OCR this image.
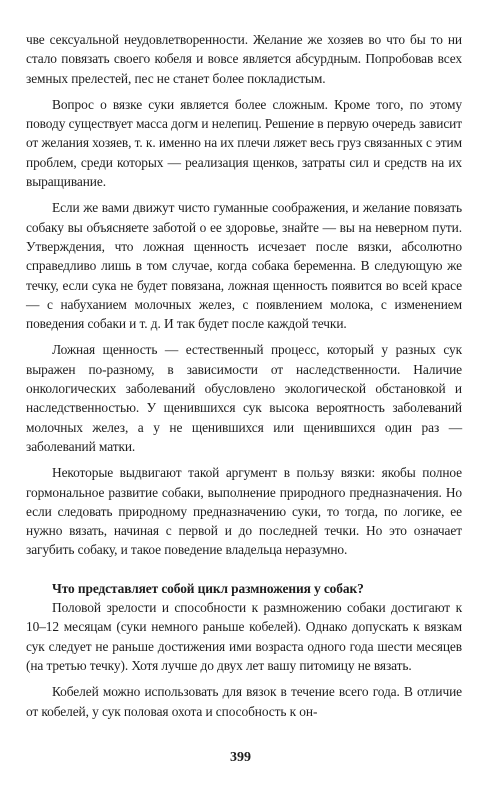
чве сексуальной неудовлетворенности. Желание же хозяев во что бы то ни стало повязать своего кобеля и вовсе является абсурдным. Попробовав всех земных прелестей, пес не станет более покладистым.

Вопрос о вязке суки является более сложным. Кроме того, по этому поводу существует масса догм и нелепиц. Решение в первую очередь зависит от желания хозяев, т. к. именно на их плечи ляжет весь груз связанных с этим проблем, среди которых — реализация щенков, затраты сил и средств на их выращивание.

Если же вами движут чисто гуманные соображения, и желание повязать собаку вы объясняете заботой о ее здоровье, знайте — вы на неверном пути. Утверждения, что ложная щенность исчезает после вязки, абсолютно справедливо лишь в том случае, когда собака беременна. В следующую же течку, если сука не будет повязана, ложная щенность появится во всей красе — с набуханием молочных желез, с появлением молока, с изменением поведения собаки и т. д. И так будет после каждой течки.

Ложная щенность — естественный процесс, который у разных сук выражен по-разному, в зависимости от наследственности. Наличие онкологических заболеваний обусловлено экологической обстановкой и наследственностью. У щенившихся сук высока вероятность заболеваний молочных желез, а у не щенившихся или щенившихся один раз — заболеваний матки.

Некоторые выдвигают такой аргумент в пользу вязки: якобы полное гормональное развитие собаки, выполнение природного предназначения. Но если следовать природному предназначению суки, то тогда, по логике, ее нужно вязать, начиная с первой и до последней течки. Но это означает загубить собаку, и такое поведение владельца неразумно.

Что представляет собой цикл размножения у собак?

Половой зрелости и способности к размножению собаки достигают к 10–12 месяцам (суки немного раньше кобелей). Однако допускать к вязкам сук следует не раньше достижения ими возраста одного года шести месяцев (на третью течку). Хотя лучше до двух лет вашу питомицу не вязать.

Кобелей можно использовать для вязок в течение всего года. В отличие от кобелей, у сук половая охота и способность к он-

399
